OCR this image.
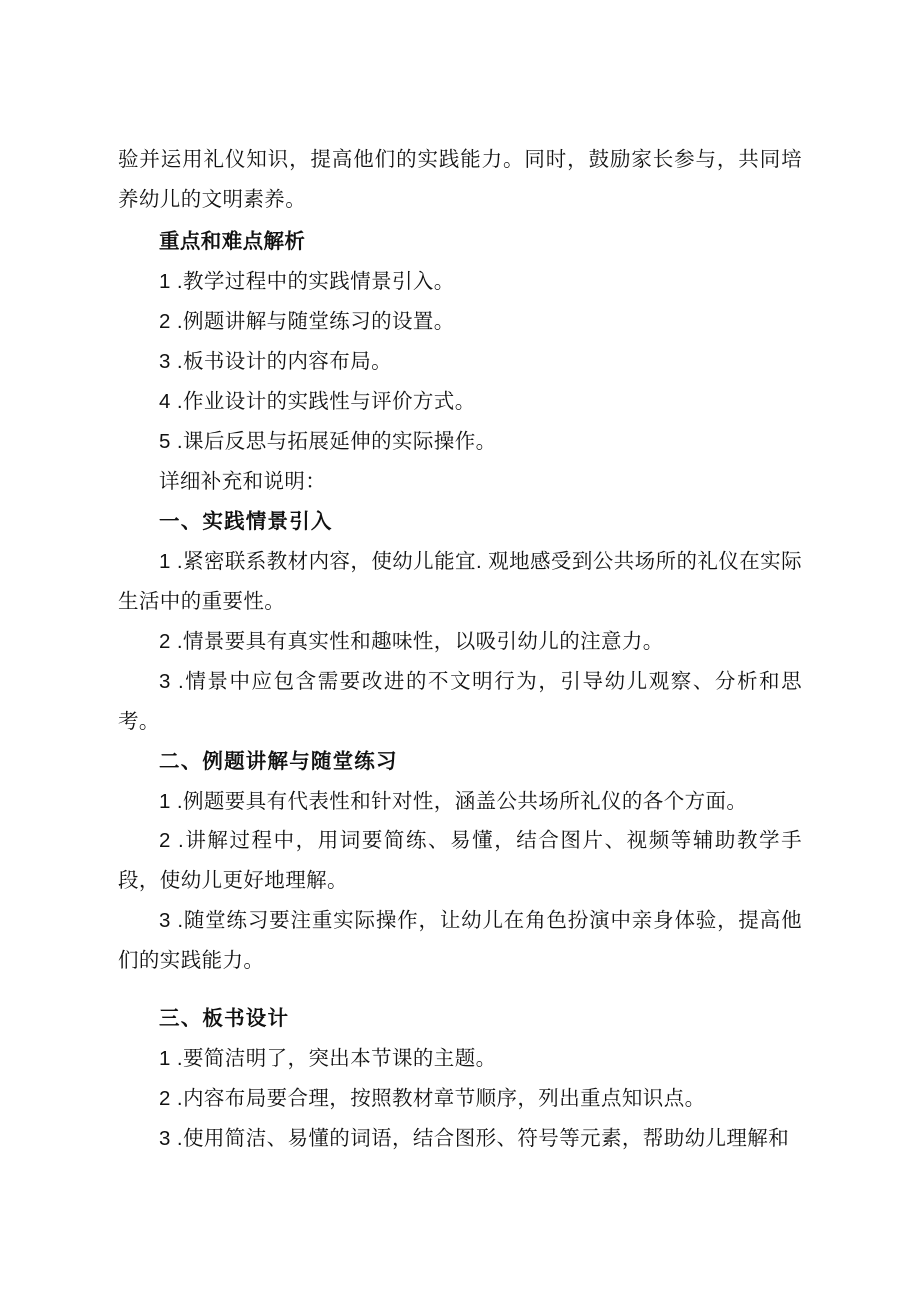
验并运用礼仪知识，提高他们的实践能力。同时，鼓励家长参与，共同培养幼儿的文明素养。

重点和难点解析

1 .教学过程中的实践情景引入。

2 .例题讲解与随堂练习的设置。

3 .板书设计的内容布局。

4 .作业设计的实践性与评价方式。

5 .课后反思与拓展延伸的实际操作。

详细补充和说明：

一、实践情景引入

1 .紧密联系教材内容，使幼儿能宜. 观地感受到公共场所的礼仪在实际生活中的重要性。

2 .情景要具有真实性和趣味性，以吸引幼儿的注意力。

3 .情景中应包含需要改进的不文明行为，引导幼儿观察、分析和思考。

二、例题讲解与随堂练习

1 .例题要具有代表性和针对性，涵盖公共场所礼仪的各个方面。

2 .讲解过程中，用词要简练、易懂，结合图片、视频等辅助教学手段，使幼儿更好地理解。

3 .随堂练习要注重实际操作，让幼儿在角色扮演中亲身体验，提高他们的实践能力。

三、板书设计

1 .要简洁明了，突出本节课的主题。

2 .内容布局要合理，按照教材章节顺序，列出重点知识点。

3 .使用简洁、易懂的词语，结合图形、符号等元素，帮助幼儿理解和
